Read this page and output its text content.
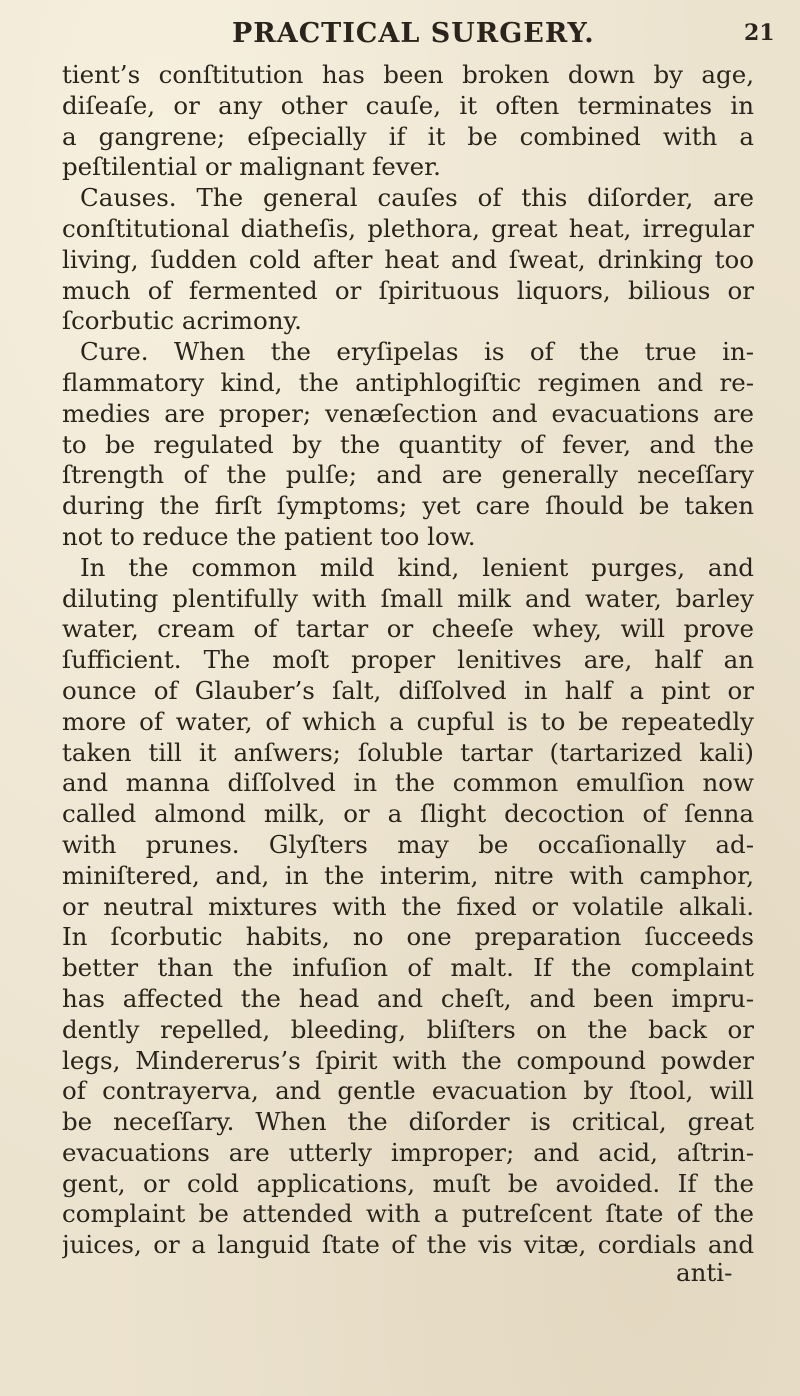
PRACTICAL SURGERY.	21
tient’s conſtitution has been broken down by age,
diſeaſe, or any other cauſe, it often terminates in
a gangrene; eſpecially if it be combined with a
peſtilential or malignant fever.
Causes. The general cauſes of this diſorder, are
conſtitutional diatheſis, plethora, great heat, irregular
living, ſudden cold after heat and ſweat, drinking too
much of fermented or ſpirituous liquors, bilious or
ſcorbutic acrimony.
Cure. When the eryſipelas is of the true in-
flammatory kind, the antiphlogiſtic regimen and re-
medies are proper; venæſection and evacuations are
to be regulated by the quantity of fever, and the
ſtrength of the pulſe; and are generally neceſſary
during the firſt ſymptoms; yet care ſhould be taken
not to reduce the patient too low.
In the common mild kind, lenient purges, and
diluting plentifully with ſmall milk and water, barley
water, cream of tartar or cheeſe whey, will prove
ſufficient. The moſt proper lenitives are, half an
ounce of Glauber’s ſalt, diſſolved in half a pint or
more of water, of which a cupful is to be repeatedly
taken till it anſwers; ſoluble tartar (tartarized kali)
and manna diſſolved in the common emulſion now
called almond milk, or a ſlight decoction of ſenna
with prunes. Glyſters may be occaſionally ad-
miniſtered, and, in the interim, nitre with camphor,
or neutral mixtures with the fixed or volatile alkali.
In ſcorbutic habits, no one preparation ſucceeds
better than the infuſion of malt. If the complaint
has affected the head and cheſt, and been impru-
dently repelled, bleeding, bliſters on the back or
legs, Mindererus’s ſpirit with the compound powder
of contrayerva, and gentle evacuation by ſtool, will
be neceſſary. When the diſorder is critical, great
evacuations are utterly improper; and acid, aſtrin-
gent, or cold applications, muſt be avoided. If the
complaint be attended with a putreſcent ſtate of the
juices, or a languid ſtate of the vis vitæ, cordials and
anti-
